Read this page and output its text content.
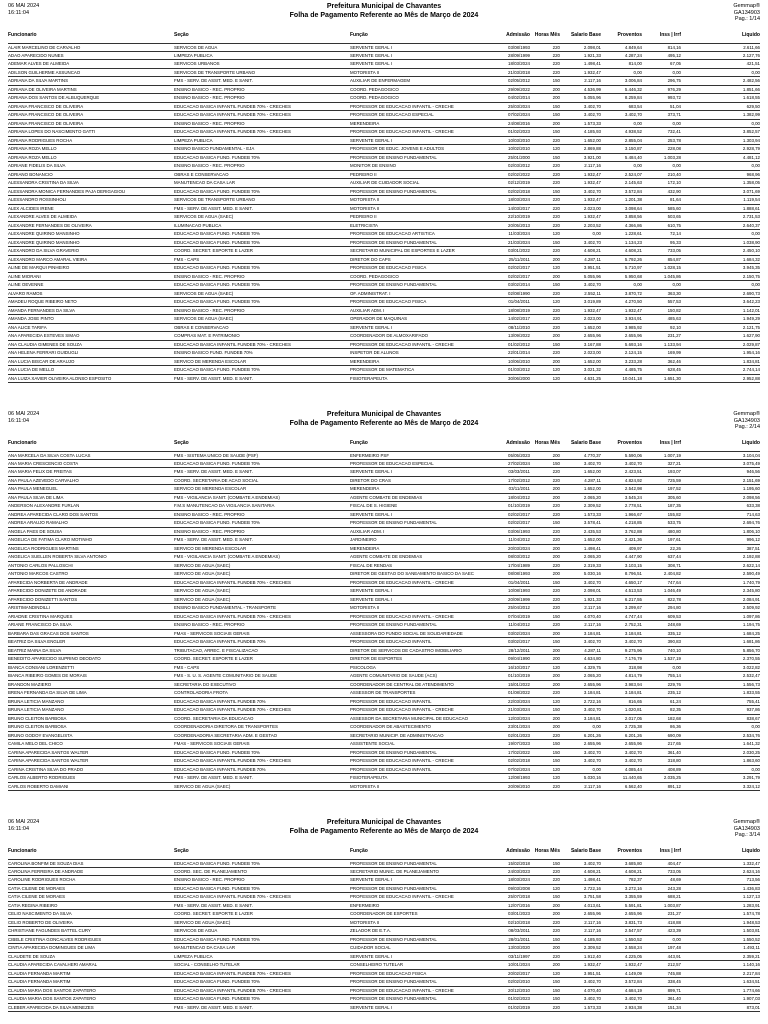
06 MAI 2024
16:11:04
Prefeitura Municipal de Chavantes
Folha de Pagamento Referente ao Mês de Março de 2024
Gemmap®
GA134903
Pag.: 1/14
Funcionario	Seção	Função	Admissão Horas Mês	Salario Base	Proventos	Inss | Irrf	Liquido
ALAIR MARCELINO DE CARVALHO	SERVICOS DE AGUA	SERVENTE GERAL I	03/08/1993	220	2.098,01	4.849,64	814,16	2.611,66
ADAO APARECIDO NUNES	LIMPEZA PUBLICA	SERVENTE GERAL I	28/09/1999	220	1.921,33	4.287,24	495,12	2.127,76
ADEMAR ALVES DE ALMEIDA	SERVICOS URBANOS	SERVENTE GERAL I	18/03/2024	220	1.498,41	814,00	67,05	421,51
ADILSON GUILHERME ASSUNCAO	SERVICOS DE TRANSPORTE URBANO	MOTORISTA II	21/03/2018	220	1.932,47	0,00	0,00	0,00
ADRIANA DA SILVA MARTINS	FMS - SERV. DE ASSIT. MED. E SANIT.	AUXILIAR DE ENFERMAGEM	02/05/2012	150	2.117,16	3.006,84	296,75	2.482,56
ADRIANA DE OLIVEIRA MARTINS	ENSINO BASICO - REC. PROPRIO	COORD. PEDAGOGICO	29/09/2022	200	4.536,99	5.446,32	976,29	1.851,66
ADRIANA DOS SANTOS DE ALBUQUERQUE	ENSINO BASICO - REC. PROPRIO	COORD. PEDAGOGICO	04/02/2014	200	5.055,96	8.259,84	993,72	1.618,55
ADRIANA FRANCISCO DE OLIVEIRA	EDUCACAO BASICA INFANTIL FUNDEB 70% - CRECHES	PROFESSOR DE EDUCACAO INFANTIL - CRECHE	25/03/2024	150	3.402,70	683,54	51,04	629,50
ADRIANA FRANCISCO DE OLIVEIRA	EDUCACAO BASICA INFANTIL FUNDEB 70% - CRECHES	PROFESSOR DE EDUCACAO ESPECIAL	07/02/2024	150	3.402,70	3.402,70	373,71	1.382,99
ADRIANA FRANCISCO DE OLIVEIRA	ENSINO BASICO - REC. PROPRIO	MERENDEIRA	24/08/2016	200	1.573,33	0,00	0,00	0,00
ADRIANA LOPES DO NASCIMENTO GATTI	EDUCACAO BASICA INFANTIL FUNDEB 70% - CRECHES	PROFESSOR DE EDUCACAO INFANTIL - CRECHE	01/02/2023	150	4.185,93	4.938,52	732,41	3.852,57
ADRIANA RODRIGUES ROCHA	LIMPEZA PUBLICA	SERVENTE GERAL I	10/03/2010	220	1.652,00	2.855,04	253,78	1.303,94
ADRIANA ROZA MELLO	ENSINO BASICO FUNDAMENTAL - EJA	PROFESSOR DE EDUC. JOVENS E ADULTOS	10/02/2010	120	2.869,88	3.150,87	228,08	2.928,79
ADRIANA ROZA MELLO	EDUCACAO BASICA FUND. FUNDEB 70%	PROFESSOR DE ENSINO FUNDAMENTAL	25/01/2000	150	3.921,00	5.484,40	1.003,28	4.481,12
ADRIANE FIDELIS DA SILVA	ENSINO BASICO - REC. PROPRIO	MONITOR DE ENSINO	02/03/2012	220	2.117,16	0,00	0,00	0,00
ADRIANO BONANCIO	OBRAS E CONSERVACAO	PEDREIRO II	02/02/2022	220	1.932,47	2.524,07	210,40	968,96
ALESSANDRA CRISTINA DA SILVA	MANUTENCAO DA CASA LAR	AUXILIAR DE CUIDADOR SOCIAL	02/12/2019	220	1.932,47	2.145,63	172,10	1.358,05
ALESSANDRA MONICA FERNANDES PAJA DERIGAGIOU	EDUCACAO BASICA FUND. FUNDEB 70%	PROFESSOR DE ENSINO FUNDAMENTAL	02/02/2018	150	3.402,70	3.572,84	432,90	3.071,69
ALESSANDRO ROSSINHOLI	SERVICOS DE TRANSPORTE URBANO	MOTORISTA II	18/03/2024	220	1.932,47	1.201,38	81,64	1.119,54
ALEX ALCIDES IRENE	FMS - SERV. DE ASSIT. MED. E SANIT.	MOTORISTA II	14/03/2017	220	2.023,00	3.098,64	585,60	1.888,61
ALEXANDRE ALVES DE ALMEIDA	SERVICOS DE AGUA (SAEC)	PEDREIRO II	22/10/2019	220	1.932,47	3.858,56	503,65	2.731,53
ALEXANDRE FERNANDES DE OLIVEIRA	ILUMINACAO PUBLICA	ELETRICISTA	20/05/2013	220	2.203,52	4.366,86	610,75	2.640,37
ALEXANDRE QUIRINO MANSINHO	EDUCACAO BASICA FUND. FUNDEB 70%	PROFESSOR DE EDUCACAO ARTISTICA	11/03/2024	120	0,00	1.228,61	72,14	0,00
ALEXANDRE QUIRINO MANSINHO	EDUCACAO BASICA FUND. FUNDEB 70%	PROFESSOR DE ENSINO FUNDAMENTAL	21/03/2024	150	3.402,70	1.134,23	95,33	1.038,90
ALEXANDRO DA SILVA GRAVERIO	COORD. SECRET. ESPORTE E LAZER	SECRETARIO MUNICIPAL DE ESPORTES E LAZER	03/01/2022	220	4.608,21	4.608,21	733,05	2.450,10
ALEXANDRO MARCO AMARAL VIEIRA	FMS - CAPS	DIRETOR DO CAPS	25/11/2011	200	4.287,11	5.792,26	854,87	1.684,32
ALINE DE MARQUI PINHEIRO	EDUCACAO BASICA FUND. FUNDEB 70%	PROFESSOR DE EDUCACAO FISICA	02/02/2017	120	3.951,51	5.710,97	1.028,15	3.945,35
ALINE MIORANI	ENSINO BASICO - REC. PROPRIO	COORD. PEDAGOGICO	02/02/2017	200	5.055,96	5.950,68	1.045,86	2.150,75
ALINE OEVENNE	EDUCACAO BASICA FUND. FUNDEB 70%	PROFESSOR DE ENSINO FUNDAMENTAL	03/02/2014	150	3.402,70	0,00	0,00	0,00
ALVARO RAMOS	SERVICOS DE AGUA (SAEC)	OF. ADMINISTRAT. I	02/08/1990	220	2.552,11	3.870,72	363,30	2.690,73
AMADEU ROQUE RIBEIRO NETO	EDUCACAO BASICA FUND. FUNDEB 70%	PROFESSOR DE EDUCACAO FISICA	01/04/2011	120	3.019,89	4.270,50	557,53	3.642,23
AMANDA FERNANDES DA SILVA	ENSINO BASICO - REC. PROPRIO	AUXILIAR ADM. I	18/08/2019	220	1.932,47	1.932,47	150,82	1.142,01
AMANDA JOSE PINTO	SERVICOS DE AGUA (SAEC)	OPERADOR DE MAQUINAS	14/02/2017	220	2.023,00	3.934,91	485,63	1.949,29
ANA ALICE TARIFA	OBRAS E CONSERVACAO	SERVENTE GERAL I	08/11/2010	220	1.652,00	3.985,92	92,10	2.121,75
ANA APARECIDA ESTEVES SIMAO	COMPRAS MAT. E PATRIMONIO	COORDENADOR DE ALMOXARIFADO	13/09/2022	200	2.655,96	2.655,96	231,27	1.627,90
ANA CLAUDIA GIMENES DE SOUZA	EDUCACAO BASICA INFANTIL FUNDEB 70% - CRECHES	PROFESSOR DE EDUCACAO INFANTIL - CRECHE	01/02/2012	150	3.167,88	5.693,16	1.133,94	2.029,87
ANA HELENA FERRARI GUIDUGLI	ENSINO BASICO FUND. FUNDEB 70%	INSPETOR DE ALUNOS	22/01/2014	220	2.023,00	2.124,15	169,99	1.954,16
ANA LUCIA BISCAR DE ARAUJO	SERVICO DE MERENDA ESCOLAR	MERENDEIRA	10/06/2010	200	1.652,00	3.233,28	362,46	1.834,81
ANA LUCIA DE MELLO	EDUCACAO BASICA FUND. FUNDEB 70%	PROFESSOR DE MATEMATICA	01/03/2012	120	3.021,32	4.485,75	628,45	2.744,14
ANA LUIZA XAVIER OLIVEIRA ALONSO ESPOSITO	FMS - SERV. DE ASSIT. MED. E SANIT.	FISIOTERAPEUTA	30/06/2000	120	4.631,25	10.041,18	1.651,30	2.952,88
06 MAI 2024
16:11:04
Prefeitura Municipal de Chavantes
Folha de Pagamento Referente ao Mês de Março de 2024
Gemmap®
GA134903
Pag.: 2/14
Funcionario	Seção	Função	Admissão Horas Mês	Salario Base	Proventos	Inss | Irrf	Liquido
ANA MARCELA DA SILVA COSTA LUCAS	FMS - SISTEMA UNICO DE SAUDE (PSF)	ENFERMEIRO PSF	05/05/2023	200	4.770,37	5.590,06	1.007,19	3.104,04
ANA MARIA CRESCENCIO COSTA	EDUCACAO BASICA FUND. FUNDEB 70%	PROFESSOR DE EDUCACAO ESPECIAL	27/02/2024	150	3.402,70	3.402,70	327,21	3.075,49
ANA MARIA FELIX DE FREITAS	FMS - SERV. DE ASSIT. MED. E SANIT.	SERVENTE GERAL I	03/03/2011	220	1.652,00	2.423,51	193,07	946,56
ANA PAULA AZEVEDO CARVALHO	COORD. SECRETARIA DE ACAO SOCIAL	DIRETOR DO CRAS	17/02/2012	220	4.287,11	4.824,92	725,59	2.151,69
ANA PAULA MENEGUEL	SERVICO DE MERENDA ESCOLAR	MERENDEIRA	03/11/2011	200	1.652,00	2.542,98	197,52	1.195,60
ANA PAULA SILVA DE LIMA	FMS - VIGILANCIA SANIT. (COMBATE A ENDEMIAS)	AGENTE COMBATE DE ENDEMIAS	18/04/2012	200	2.065,20	3.545,24	305,60	2.098,56
ANDERSON ALEXANDRE FURLAN	F.M.S MANUTENCAO DA VIGILANCIA SANITARIA	FISCAL DE S. HIGIENE	01/10/2019	220	2.309,52	2.778,51	187,35	633,38
ANDREA APARECIDA CLARO DOS SANTOS	ENSINO BASICO - REC. PROPRIO	SERVENTE GERAL I	02/02/2017	220	1.573,33	1.966,67	155,82	714,63
ANDREA ARAUJO RAMALHO	EDUCACAO BASICA FUND. FUNDEB 70%	PROFESSOR DE ENSINO FUNDAMENTAL	02/02/2017	150	3.578,41	4.218,85	533,75	2.694,76
ANGELA PAES DE SOUSA	ENSINO BASICO - REC. PROPRIO	AUXILIAR ADM. I	03/06/1993	220	2.435,53	3.762,88	480,80	1.806,10
ANGELICA DE FATIMA CLARO MOTINHO	FMS - SERV. DE ASSIT. MED. E SANIT.	JARDINEIRO	11/04/2012	220	1.652,00	2.421,36	197,61	996,12
ANGELICA RODRIGUES MARTINS	SERVICO DE MERENDA ESCOLAR	MERENDEIRA	20/03/2024	200	1.498,41	409,97	22,26	387,51
ANGELICA SUELLEN ROBERTA SILVA ANTONIO	FMS - VIGILANCIA SANIT. (COMBATE A ENDEMIAS)	AGENTE COMBATE DE ENDEMIAS	08/03/2012	200	2.065,20	4.447,90	637,44	2.192,88
ANTONIO CARLOS PALLOSCHI	SERVICO DE AGUA (SAEC)	FISCAL DE RENDAS	17/04/1989	220	2.319,33	3.103,15	308,71	2.622,14
ANTONIO MARCOS CASTRO	SERVICO DE AGUA (SAEC)	DIRETOR DE GESTAO DO SANEAMENTO BASICO DA SAEC	08/08/1993	200	5.030,16	8.796,51	2.404,82	2.590,49
APARECIDA NORBERTA DE ANDRADE	EDUCACAO BASICA INFANTIL FUNDEB 70% - CRECHES	PROFESSOR DE EDUCACAO INFANTIL - CRECHE	01/04/2011	150	3.402,70	4.650,17	747,64	1.740,79
APARECIDO DONIZETE DE ANDRADE	SERVICO DE AGUA (SAEC)	SERVENTE GERAL I	10/08/1993	220	2.098,01	4.513,53	1.046,49	2.345,80
APARECIDO DONIZETTI SANTOS	SERVICO DE AGUA (SAEC)	SERVENTE GERAL I	20/09/1999	220	1.921,33	6.217,55	822,78	2.084,91
ARISTIMANDINDILLI	ENSINO BASICO FUNDAMENTAL - TRANSPORTE	MOTORISTA II	25/04/2012	220	2.117,16	3.299,67	294,80	2.509,92
ARIADNE CRISTINA MARQUES	EDUCACAO BASICA INFANTIL FUNDEB 70% - CRECHES	PROFESSOR DE EDUCACAO INFANTIL - CRECHE	07/04/2019	150	4.070,40	4.747,44	609,53	1.097,86
ARIANE FRANCISCO DA SILVA	ENSINO BASICO - REC. PROPRIO	PROFESSOR DE ENSINO FUNDAMENTAL	11/04/2012	220	2.117,16	2.752,31	248,69	1.194,75
BARBARA DAS GRACAS DOS SANTOS	FMAS - SERVICOS SOCIAIS GERAIS	ASSESSORA DO FUNDO SOCIAL DE SOLIDARIEDADE	03/02/2024	200	3.184,81	3.184,81	335,12	1.684,25
BEATRIZ DA SILVA ENGLER	EDUCACAO BASICA INFANTIL FUNDEB 70%	PROFESSOR DE EDUCACAO INFANTIL	03/02/2017	150	3.402,70	3.402,70	390,83	1.681,86
BEATRIZ MAINA DA SILVA	TRIBUTACAO, ARREC. E FISCALIZACAO	DIRETOR DE SERVICOS DE CADASTRO IMOBILIARIO	28/12/2011	200	4.287,11	9.275,96	740,10	5.856,70
BENEDITO APARECIDO SUPRINO DEODATO	COORD. SECRET. ESPORTE E LAZER	DIRETOR DE ESPORTES	09/04/1990	200	4.634,80	7.176,79	1.537,19	2.370,55
BIANCA CONSANI LORENZETTI	FMS - CAPS	PSICOLOGA	16/10/2017	120	4.329,75	318,98	0,00	3.022,82
BIANCA RIBEIRO GOMES DE MORAIS	FMS - S. U. S. AGENTE COMUNITARIO DE SAUDE	AGENTE COMUNITARIO DE SAUDE (ACS)	01/10/2019	200	2.065,20	4.814,79	755,14	2.532,47
BRANDON MAZIERO	SECRETARIA DO EXECUTIVO	COORDENADOR DE CENTRAL DE ATENDIMENTO	15/01/2022	200	2.655,96	3.983,94	229,76	1.556,73
BRENA FERNANDA DA SILVA DE LIMA	CONTROLADORIA FROTA	ASSESSOR DE TRANSPORTES	01/08/2022	220	3.184,81	3.184,81	235,12	1.833,55
BRUNA LETICIA MANZANO	EDUCACAO BASICA INFANTIL FUNDEB 70%	PROFESSOR DE EDUCACAO INFANTIL	22/03/2024	120	2.722,16	816,65	61,24	755,41
BRUNA LETICIA MANZANO	EDUCACAO BASICA INFANTIL FUNDEB 70% - CRECHES	PROFESSOR DE EDUCACAO INFANTIL - CRECHE	21/03/2024	150	3.402,70	1.020,81	82,35	937,86
BRUNO CLEITON BARBOSA	COORD. SECRETARIA DA EDUCACAO	ASSESSOR DA SECRETARIA MUNICIPAL DE EDUCACAO	12/03/2024	200	3.184,81	2.017,05	182,68	838,67
BRUNO CLEITON BARBOSA	COORDENADORIA DIRETORA DE TRANSPORTES	COORDENADOR DE ABASTECIMENTO	23/01/2024	200	0,00	2.725,38	86,36	0,00
BRUNO GODOY EVANGELISTA	COORDENADORIA SECRETARIA ADM. E GESTAO	SECRETARIO MUNICIP. DE ADMINISTRACAO	02/01/2023	220	6.201,26	6.201,26	690,09	2.534,76
CAMILA MELO DEL CHICO	FMAS - SERVICOS SOCIAIS GERAIS	ASSISTENTE SOCIAL	19/07/2023	150	2.655,96	2.655,96	217,65	1.641,32
CARINA APARECIDA SANTOS WALTER	EDUCACAO BASICA FUND. FUNDEB 70%	PROFESSOR DE ENSINO FUNDAMENTAL	17/02/2022	150	3.402,70	3.402,70	361,40	2.030,25
CARINA APARECIDA SANTOS WALTER	EDUCACAO BASICA INFANTIL FUNDEB 70% - CRECHES	PROFESSOR DE EDUCACAO INFANTIL - CRECHE	02/02/2018	150	3.402,70	3.402,70	318,80	1.863,60
CARINA CRISTINA SILVA DO PRADO	EDUCACAO BASICA INFANTIL FUNDEB 70%	PROFESSOR DE EDUCACAO INFANTIL	07/02/2024	120	0,00	4.085,44	408,89	0,00
CARLOS ALBERTO RODRIGUES	FMS - SERV. DE ASSIT. MED. E SANIT.	FISIOTERAPEUTA	12/08/1993	120	5.030,16	11.440,65	2.035,25	3.291,79
CARLOS ROBERTO DAMIANI	SERVICO DE AGUA (SAEC)	MOTORISTA II	20/09/2010	220	2.117,16	6.562,40	891,12	3.324,12
06 MAI 2024
16:11:04
Prefeitura Municipal de Chavantes
Folha de Pagamento Referente ao Mês de Março de 2024
Gemmap®
GA134903
Pag.: 3/14
Funcionario	Seção	Função	Admissão Horas Mês	Salario Base	Proventos	Inss | Irrf	Liquido
CAROLINA BONFIM DE SOUZA DIAS	EDUCACAO BASICA FUND. FUNDEB 70%	PROFESSOR DE ENSINO FUNDAMENTAL	15/02/2018	150	3.402,70	3.685,80	404,47	1.332,47
CAROLINA FERREIRA DE ANDRADE	COORD. SEC. DE PLANEJAMENTO	SECRETARIO MUNIC. DE PLANEJAMENTO	24/03/2023	220	4.608,21	4.608,21	733,05	2.624,16
CAROLINE RODRIGUES ROCHA	ENSINO BASICO - REC. PROPRIO	SERVENTE GERAL I	18/03/2024	220	1.498,41	782,37	48,69	713,56
CATIA CILENE DE MORAES	EDUCACAO BASICA FUND. FUNDEB 70%	PROFESSOR DE ENSINO FUNDAMENTAL	09/03/2008	120	2.722,16	3.272,16	243,28	1.436,83
CATIA CILENE DE MORAES	EDUCACAO BASICA INFANTIL FUNDEB 70% - CRECHES	PROFESSOR DE EDUCACAO INFANTIL - CRECHE	25/07/2018	150	3.751,58	3.355,59	688,21	1.127,13
CATIA REGINA RIBEIRO	FMS - SERV. DE ASSIT. MED. E SANIT.	ENFERMEIRO	12/07/2016	200	4.013,61	5.591,81	1.003,87	1.283,91
CELIO NASCIMENTO DA SILVA	COORD. SECRET. ESPORTE E LAZER	COORDENADOR DE ESPORTES	03/01/2023	200	2.655,96	2.655,96	231,27	1.574,78
CELIO ROBERTO DE OLIVEIRA	SERVICO DE AGUA (SAEC)	MOTORISTA II	02/10/2018	220	2.117,16	3.831,73	418,88	1.948,53
CHRISTIANE FAGUNDES BATTEL CURY	SERVICOS DE AGUA	ZELADOR DE E.T.A.	08/03/2011	220	2.117,16	2.547,57	423,39	1.503,81
CIBELE CRISTINA GONCALVES RODRIGUES	EDUCACAO BASICA FUND. FUNDEB 70%	PROFESSOR DE ENSINO FUNDAMENTAL	28/01/2011	150	4.185,93	1.550,52	0,00	1.550,52
CINTIA APARECIDA DOMINGUES DE LIMA	MANUTENCAO DA CASA LAR	CUIDADOR SOCIAL	13/03/2020	200	2.309,52	2.558,24	197,48	1.493,11
CLAUDETE DE SOUZA	LIMPEZA PUBLICA	SERVENTE GERAL I	03/11/1997	220	1.912,40	4.225,05	443,91	2.359,21
CLAUDIA APARECIDA CAVALHERI AMARAL	SOCIAL - CONSELHO TUTELAR	CONSELHEIRO TUTELAR	10/01/2024	200	1.932,47	1.932,47	212,57	1.140,16
CLAUDIA FERNANDA MARTIM	EDUCACAO BASICA INFANTIL FUNDEB 70% - CRECHES	PROFESSOR DE EDUCACAO FISICA	20/02/2017	120	3.951,51	4.149,09	745,88	2.217,84
CLAUDIA FERNANDA MARTIM	EDUCACAO BASICA FUND. FUNDEB 70%	PROFESSOR DE ENSINO FUNDAMENTAL	02/02/2010	150	3.402,70	3.572,84	338,45	1.634,51
CLAUDIA MARIA DOS SANTOS ZAPATERO	EDUCACAO BASICA INFANTIL FUNDEB 70% - CRECHES	PROFESSOR DE EDUCACAO INFANTIL - CRECHE	20/12/2010	150	4.070,40	4.684,19	899,71	1.774,66
CLAUDIA MARIA DOS SANTOS ZAPATERO	EDUCACAO BASICA FUND. FUNDEB 70%	PROFESSOR DE ENSINO FUNDAMENTAL	01/02/2023	150	3.402,70	3.402,70	361,40	1.907,03
CLEBER APARECIDA DA SILVA MENEZES	FMS - SERV. DE ASSIT. MED. E SANIT.	SERVENTE GERAL I	01/02/2019	220	1.573,33	2.934,38	151,34	873,01
